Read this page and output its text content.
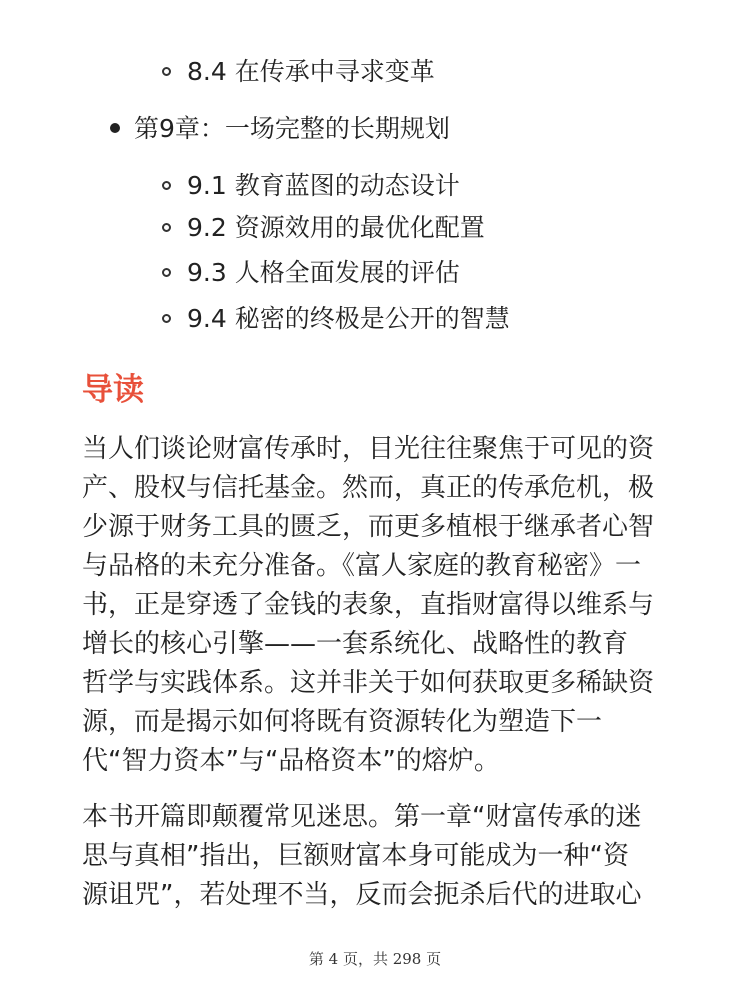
8.4 在传承中寻求变革
第9章：一场完整的长期规划
9.1 教育蓝图的动态设计
9.2 资源效用的最优化配置
9.3 人格全面发展的评估
9.4 秘密的终极是公开的智慧
导读
当人们谈论财富传承时，目光往往聚焦于可见的资
产、股权与信托基金。然而，真正的传承危机，极
少源于财务工具的匮乏，而更多植根于继承者心智
与品格的未充分准备。《富人家庭的教育秘密》一
书，正是穿透了金钱的表象，直指财富得以维系与
增长的核心引擎——一套系统化、战略性的教育
哲学与实践体系。这并非关于如何获取更多稀缺资
源，而是揭示如何将既有资源转化为塑造下一
代“智力资本”与“品格资本”的熔炉。
本书开篇即颠覆常见迷思。第一章“财富传承的迷
思与真相”指出，巨额财富本身可能成为一种“资
源诅咒”，若处理不当，反而会扼杀后代的进取心
第 4 页，共 298 页
